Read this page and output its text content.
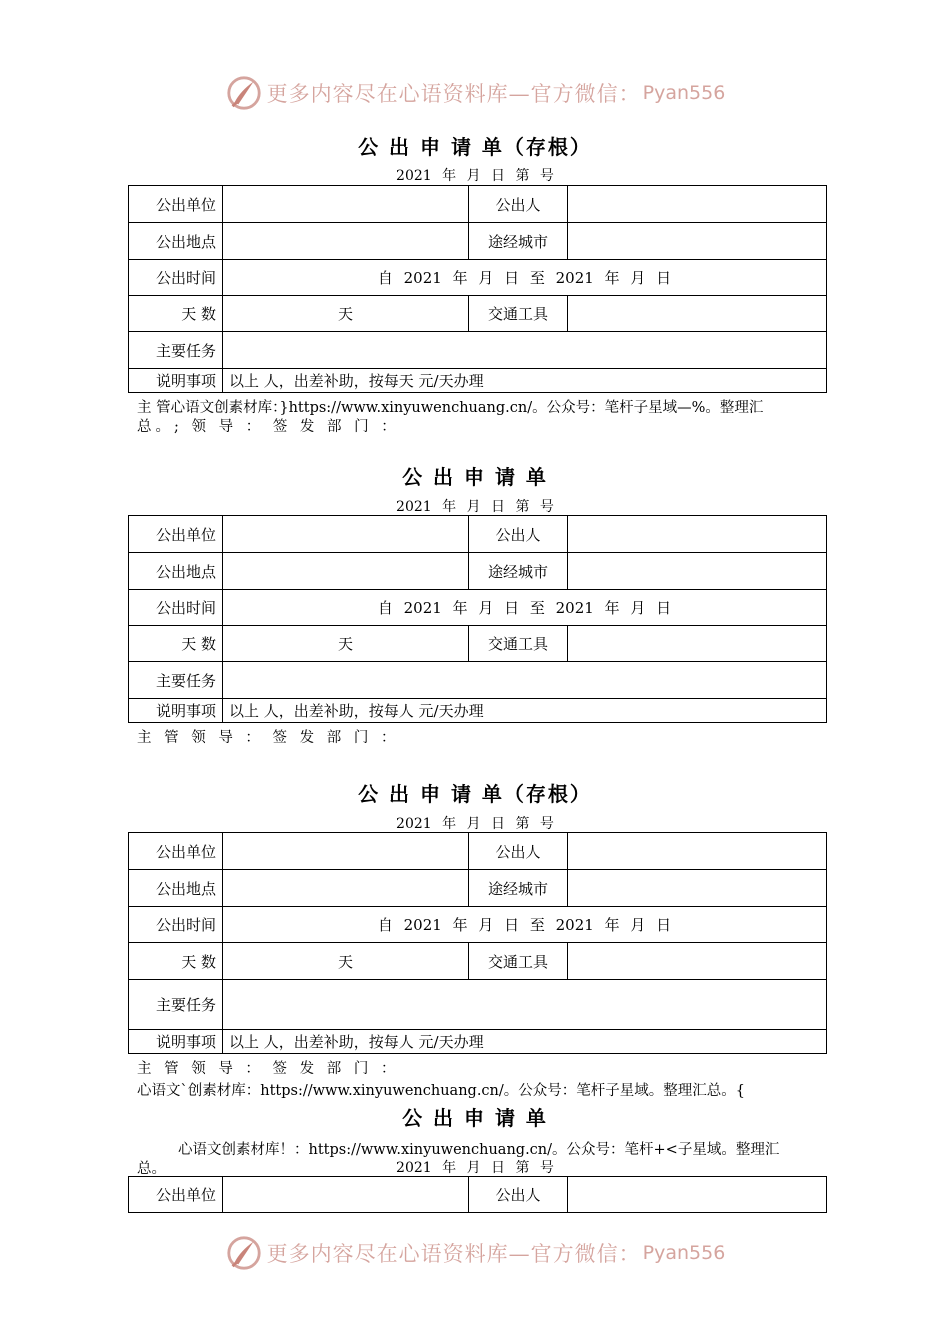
更多内容尽在心语资料库—官方微信： Pyan556
公 出 申 请 单（存根）
2021 年 月 日 第 号
公出单位		公出人	
公出地点		途经城市	
公出时间	自 2021 年 月 日 至 2021 年 月 日		
天 数	天	交通工具	
主要任务			
说明事项	以上 人，出差补助，按每天 元/天办理		
主 管心语文创素材库：}https://www.xinyuwenchuang.cn/。公众号：笔杆子星域—%。整理汇
总。; 领 导 ： 签 发 部 门 ：
公 出 申 请 单
2021 年 月 日 第 号
公出单位		公出人	
公出地点		途经城市	
公出时间	自 2021 年 月 日 至 2021 年 月 日		
天 数	天	交通工具	
主要任务			
说明事项	以上 人，出差补助，按每人 元/天办理		
主 管 领 导 ： 签 发 部 门 ：
公 出 申 请 单（存根）
2021 年 月 日 第 号
公出单位		公出人	
公出地点		途经城市	
公出时间	自 2021 年 月 日 至 2021 年 月 日		
天 数	天	交通工具	
主要任务			
说明事项	以上 人，出差补助，按每人 元/天办理		
主 管 领 导 ： 签 发 部 门 ：
心语文`创素材库：https://www.xinyuwenchuang.cn/。公众号：笔杆子星域。整理汇总。{
公 出 申 请 单
心语文创素材库！：https://www.xinyuwenchuang.cn/。公众号：笔杆+<子星域。整理汇
总。	2021 年 月 日 第 号
公出单位		公出人	
更多内容尽在心语资料库—官方微信： Pyan556
